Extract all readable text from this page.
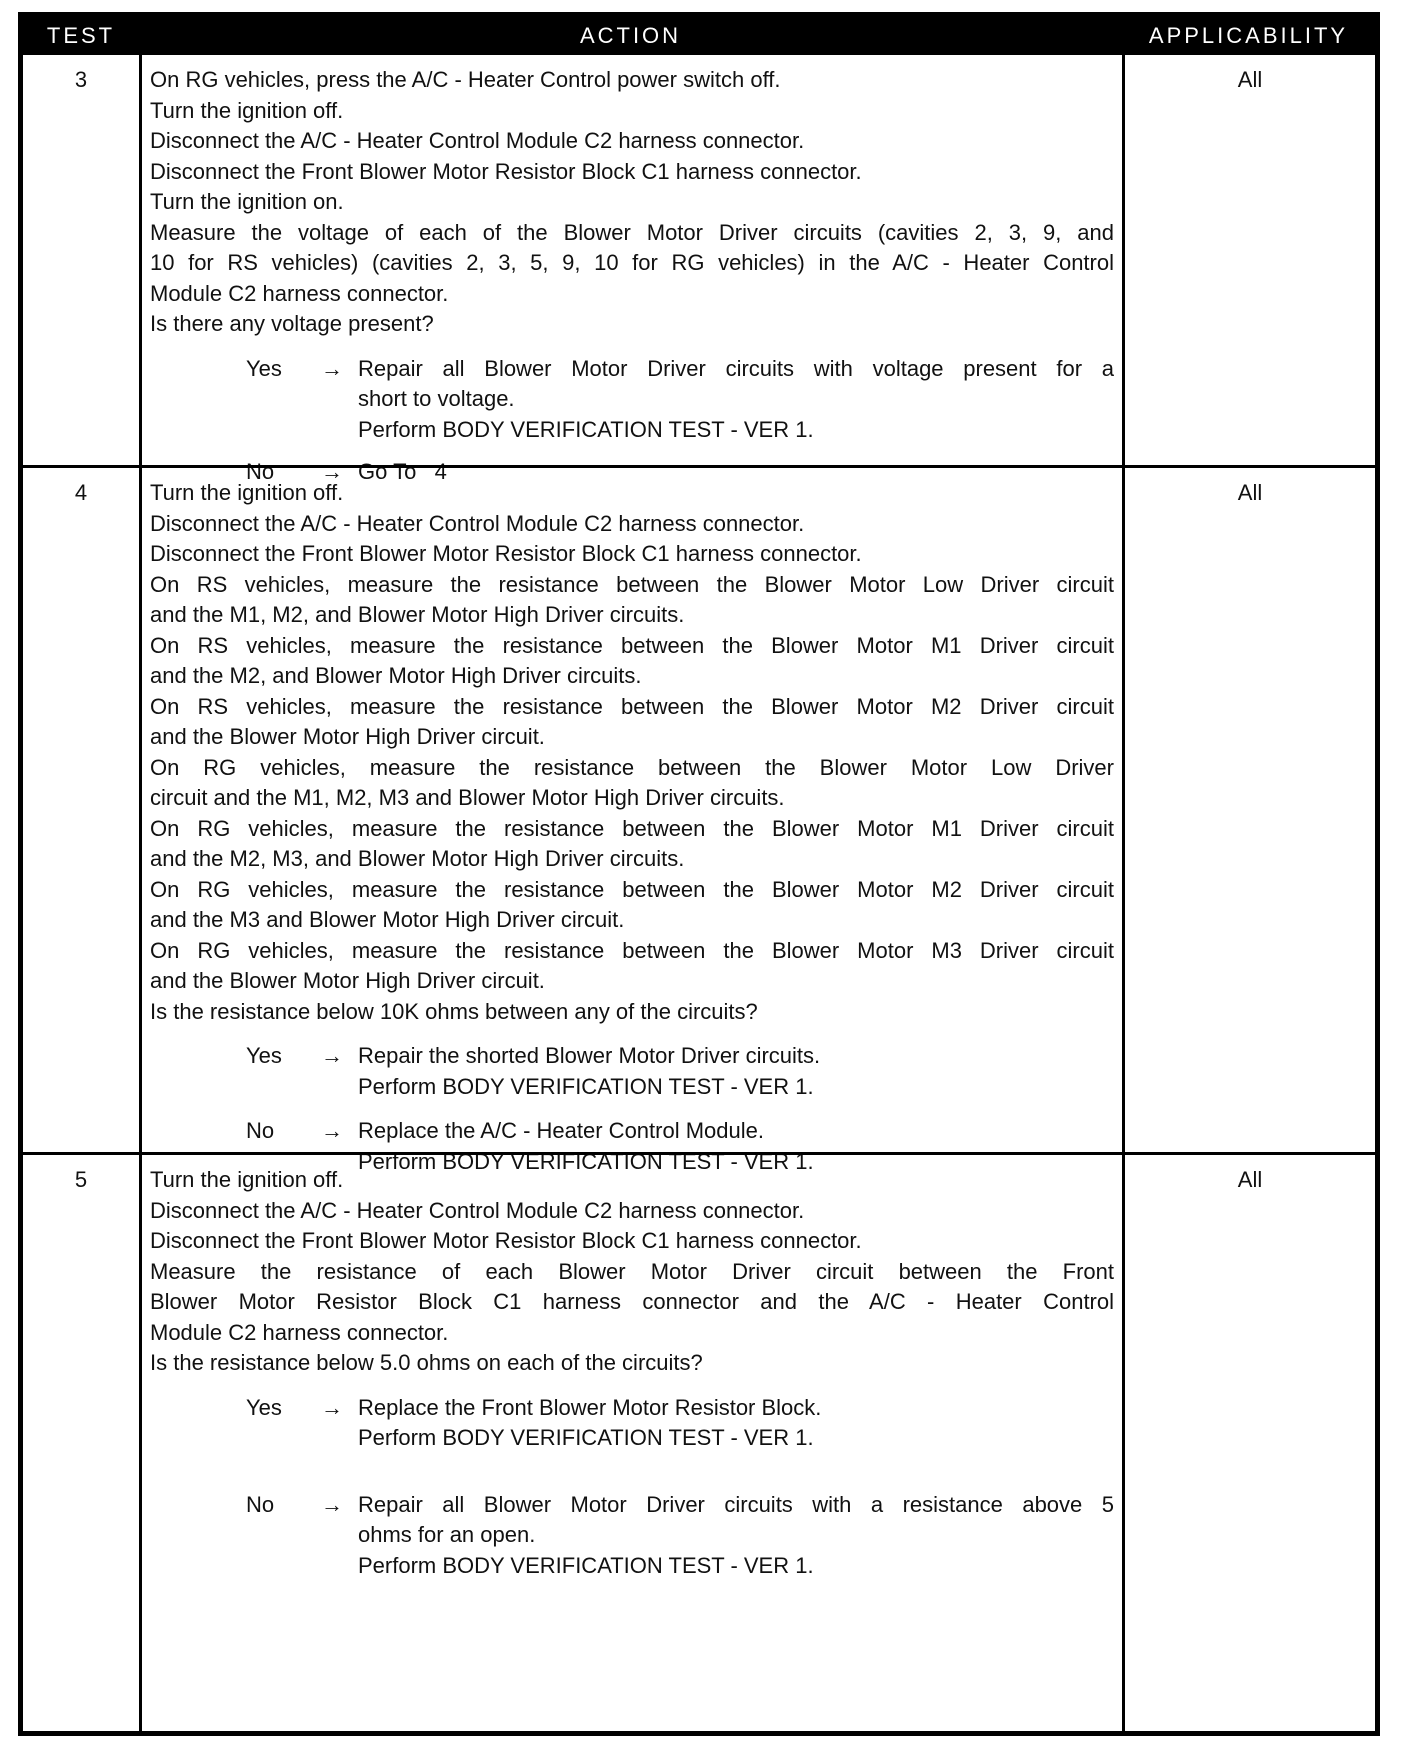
TEST	ACTION	APPLICABILITY
3	On RG vehicles, press the A/C - Heater Control power switch off.
Turn the ignition off.
Disconnect the A/C - Heater Control Module C2 harness connector.
Disconnect the Front Blower Motor Resistor Block C1 harness connector.
Turn the ignition on.
Measure the voltage of each of the Blower Motor Driver circuits (cavities 2, 3, 9, and
10 for RS vehicles) (cavities 2, 3, 5, 9, 10 for RG vehicles) in the A/C - Heater Control
Module C2 harness connector.
Is there any voltage present?
Yes	→ Repair all Blower Motor Driver circuits with voltage present for a
short to voltage.
Perform BODY VERIFICATION TEST - VER 1.
No	→ Go To   4
All
4	Turn the ignition off.
Disconnect the A/C - Heater Control Module C2 harness connector.
Disconnect the Front Blower Motor Resistor Block C1 harness connector.
On RS vehicles, measure the resistance between the Blower Motor Low Driver circuit
and the M1, M2, and Blower Motor High Driver circuits.
On RS vehicles, measure the resistance between the Blower Motor M1 Driver circuit
and the M2, and Blower Motor High Driver circuits.
On RS vehicles, measure the resistance between the Blower Motor M2 Driver circuit
and the Blower Motor High Driver circuit.
On RG vehicles, measure the resistance between the Blower Motor Low Driver
circuit and the M1, M2, M3 and Blower Motor High Driver circuits.
On RG vehicles, measure the resistance between the Blower Motor M1 Driver circuit
and the M2, M3, and Blower Motor High Driver circuits.
On RG vehicles, measure the resistance between the Blower Motor M2 Driver circuit
and the M3 and Blower Motor High Driver circuit.
On RG vehicles, measure the resistance between the Blower Motor M3 Driver circuit
and the Blower Motor High Driver circuit.
Is the resistance below 10K ohms between any of the circuits?
Yes	→ Repair the shorted Blower Motor Driver circuits.
Perform BODY VERIFICATION TEST - VER 1.
No	→ Replace the A/C - Heater Control Module.
Perform BODY VERIFICATION TEST - VER 1.
All
5	Turn the ignition off.
Disconnect the A/C - Heater Control Module C2 harness connector.
Disconnect the Front Blower Motor Resistor Block C1 harness connector.
Measure the resistance of each Blower Motor Driver circuit between the Front
Blower Motor Resistor Block C1 harness connector and the A/C - Heater Control
Module C2 harness connector.
Is the resistance below 5.0 ohms on each of the circuits?
Yes	→ Replace the Front Blower Motor Resistor Block.
Perform BODY VERIFICATION TEST - VER 1.
No	→ Repair all Blower Motor Driver circuits with a resistance above 5
ohms for an open.
Perform BODY VERIFICATION TEST - VER 1.
All
